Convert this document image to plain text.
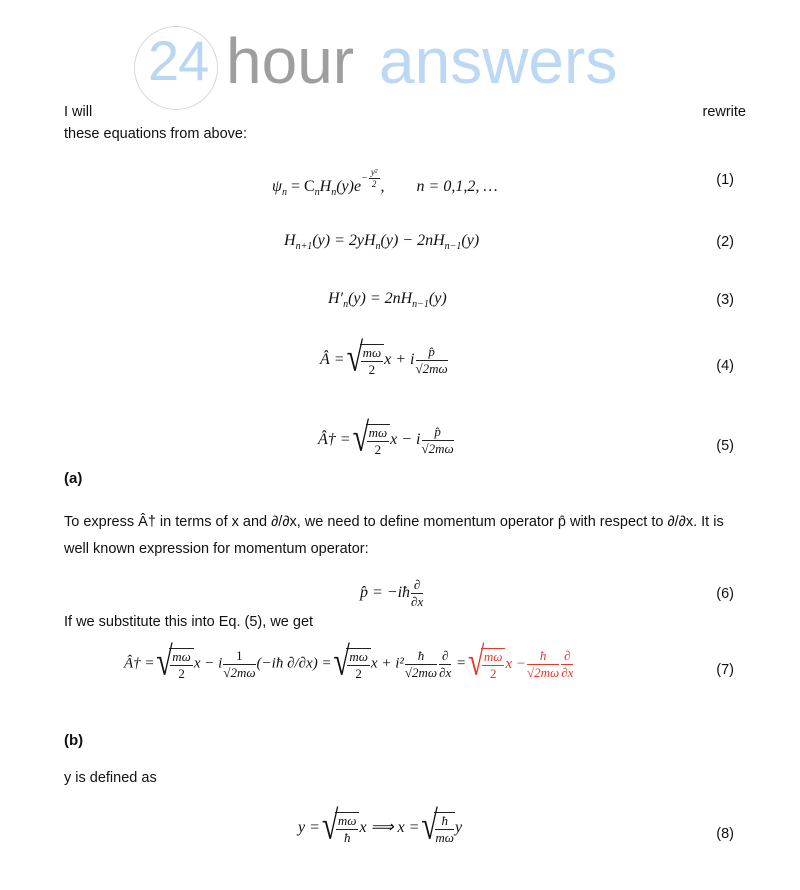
24 hour answers
I will	rewrite
these equations from above:
$\psi_n = C_nH_n(y)e- \frac{\text{y²}}{2}$ , n = 0,1,2, …	(1)
$H_{n+1}(y) = 2yH_n(y) - 2nH_{n-1}(y)$	(2)
$H'_n(y) = 2nH_{n-1}(y)$	(3)
Â = √ $\frac{m\omega}{2}$ x + i $\frac{p̂}{√2m\omega}$	(4)
Â† = √ $\frac{m\omega}{2}$ x − i $\frac{p̂}{√2m\omega}$	(5)
(a)
To express Â† in terms of x and ∂/∂x, we need to define momentum operator p̂ with respect to ∂/∂x. It is
well known expression for momentum operator:
p̂ = −iħ $\frac{\partial}{\partial x}$	(6)
If we substitute this into Eq. (5), we get
Â† = √ $\frac{m\omega}{2}$ x − i $\frac{1}{√2m\omega}$ (−iħ ∂/∂x) = √ $\frac{m\omega}{2}$ $x + i^2 \frac{ħ}{√2m\omega} \frac{\partial}{\partial x}$ = √ $\frac{m\omega}{2}$ $x - \frac{ħ}{√2m\omega} \frac{\partial}{\partial x}$	(7)
(b)
y is defined as
y = √ $\frac{m\omega}{ħ}$ x ⟹ x = √ $\frac{ħ}{m\omega}$ y	(8)
